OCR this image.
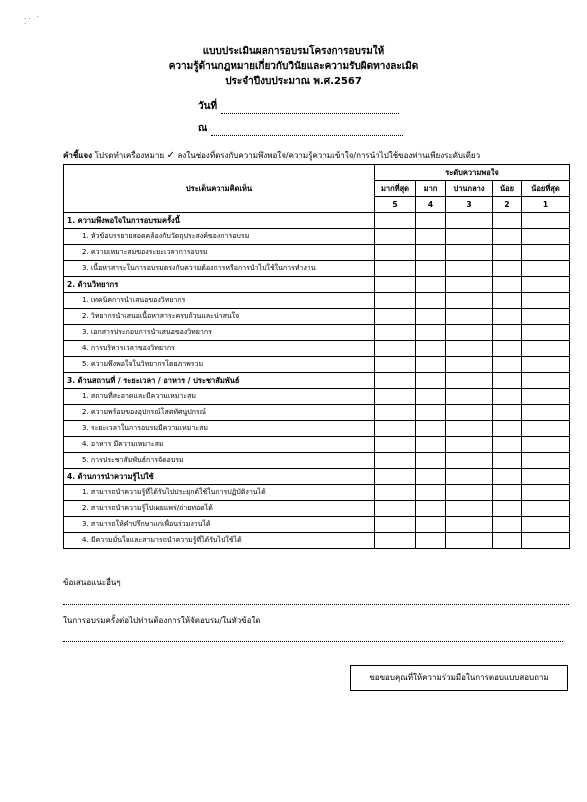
.. ·
·
แบบประเมินผลการอบรมโครงการอบรมให้
ความรู้ด้านกฎหมายเกี่ยวกับวินัยและความรับผิดทางละเมิด
ประจำปีงบประมาณ พ.ศ.2567
วันที่
ณ
คำชี้แจง โปรดทำเครื่องหมาย ✓ ลงในช่องที่ตรงกับความพึงพอใจ/ความรู้ความเข้าใจ/การนำไปใช้ของท่านเพียงระดับเดียว
ประเด็นความคิดเห็น	ระดับความพอใจ				
	มากที่สุด	มาก	ปานกลาง	น้อย	น้อยที่สุด
	5	4	3	2	1
1. ความพึงพอใจในการอบรมครั้งนี้					
1. หัวข้อบรรยายสอดคล้องกับวัตถุประสงค์ของการอบรม					
2. ความเหมาะสมของระยะเวลาการอบรม					
3. เนื้อหาสาระในการอบรมตรงกับความต้องการหรือการนำไปใช้ในการทำงาน					
2. ด้านวิทยากร					
1. เทคนิคการนำเสนอของวิทยากร					
2. วิทยากรนำเสนอเนื้อหาสาระครบถ้วนและน่าสนใจ					
3. เอกสารประกอบการนำเสนอของวิทยากร					
4. การบริหารเวลาของวิทยากร					
5. ความพึงพอใจในวิทยากรโดยภาพรวม					
3. ด้านสถานที่ / ระยะเวลา / อาหาร / ประชาสัมพันธ์					
1. สถานที่สะอาดและมีความเหมาะสม					
2. ความพร้อมของอุปกรณ์โสตทัศนูปกรณ์					
3. ระยะเวลาในการอบรมมีความเหมาะสม					
4. อาหาร มีความเหมาะสม					
5. การประชาสัมพันธ์การจัดอบรม					
4. ด้านการนำความรู้ไปใช้					
1. สามารถนำความรู้ที่ได้รับไปประยุกต์ใช้ในการปฏิบัติงานได้					
2. สามารถนำความรู้ไปเผยแพร่/ถ่ายทอดได้					
3. สามารถให้คำปรึกษาแก่เพื่อนร่วมงานได้					
4. มีความมั่นใจและสามารถนำความรู้ที่ได้รับไปใช้ได้					
ข้อเสนอแนะอื่นๆ
ในการอบรมครั้งต่อไปท่านต้องการให้จัดอบรม/ในหัวข้อใด
ขอขอบคุณที่ให้ความร่วมมือในการตอบแบบสอบถาม
